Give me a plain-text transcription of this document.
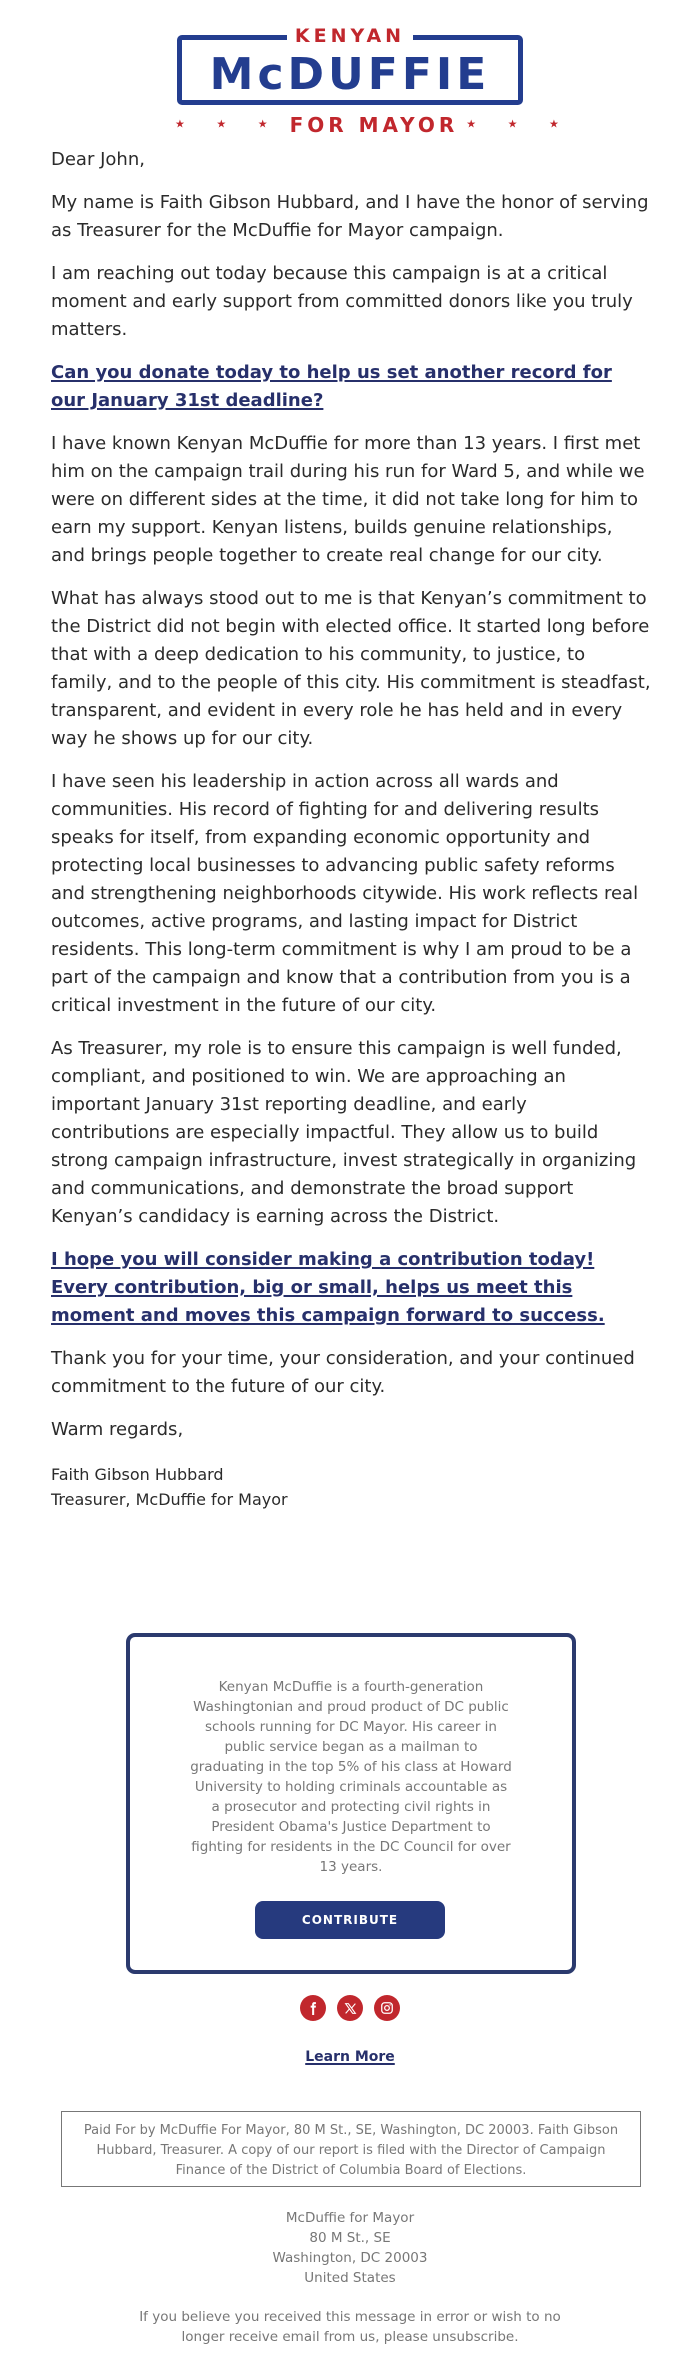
KENYAN
McDUFFIE
★ ★ ★ FOR MAYOR ★ ★ ★

Dear John,

My name is Faith Gibson Hubbard, and I have the honor of serving as Treasurer for the McDuffie for Mayor campaign.

I am reaching out today because this campaign is at a critical moment and early support from committed donors like you truly matters.

Can you donate today to help us set another record for our January 31st deadline?

I have known Kenyan McDuffie for more than 13 years. I first met him on the campaign trail during his run for Ward 5, and while we were on different sides at the time, it did not take long for him to earn my support. Kenyan listens, builds genuine relationships, and brings people together to create real change for our city.

What has always stood out to me is that Kenyan’s commitment to the District did not begin with elected office. It started long before that with a deep dedication to his community, to justice, to family, and to the people of this city. His commitment is steadfast, transparent, and evident in every role he has held and in every way he shows up for our city.

I have seen his leadership in action across all wards and communities. His record of fighting for and delivering results speaks for itself, from expanding economic opportunity and protecting local businesses to advancing public safety reforms and strengthening neighborhoods citywide. His work reflects real outcomes, active programs, and lasting impact for District residents. This long-term commitment is why I am proud to be a part of the campaign and know that a contribution from you is a critical investment in the future of our city.

As Treasurer, my role is to ensure this campaign is well funded, compliant, and positioned to win. We are approaching an important January 31st reporting deadline, and early contributions are especially impactful. They allow us to build strong campaign infrastructure, invest strategically in organizing and communications, and demonstrate the broad support Kenyan’s candidacy is earning across the District.

I hope you will consider making a contribution today! Every contribution, big or small, helps us meet this moment and moves this campaign forward to success.

Thank you for your time, your consideration, and your continued commitment to the future of our city.

Warm regards,

Faith Gibson Hubbard
Treasurer, McDuffie for Mayor
Kenyan McDuffie is a fourth-generation Washingtonian and proud product of DC public schools running for DC Mayor. His career in public service began as a mailman to graduating in the top 5% of his class at Howard University to holding criminals accountable as a prosecutor and protecting civil rights in President Obama's Justice Department to fighting for residents in the DC Council for over 13 years.
CONTRIBUTE
Learn More
Paid For by McDuffie For Mayor, 80 M St., SE, Washington, DC 20003. Faith Gibson Hubbard, Treasurer. A copy of our report is filed with the Director of Campaign Finance of the District of Columbia Board of Elections.
McDuffie for Mayor
80 M St., SE
Washington, DC 20003
United States
If you believe you received this message in error or wish to no longer receive email from us, please unsubscribe.
